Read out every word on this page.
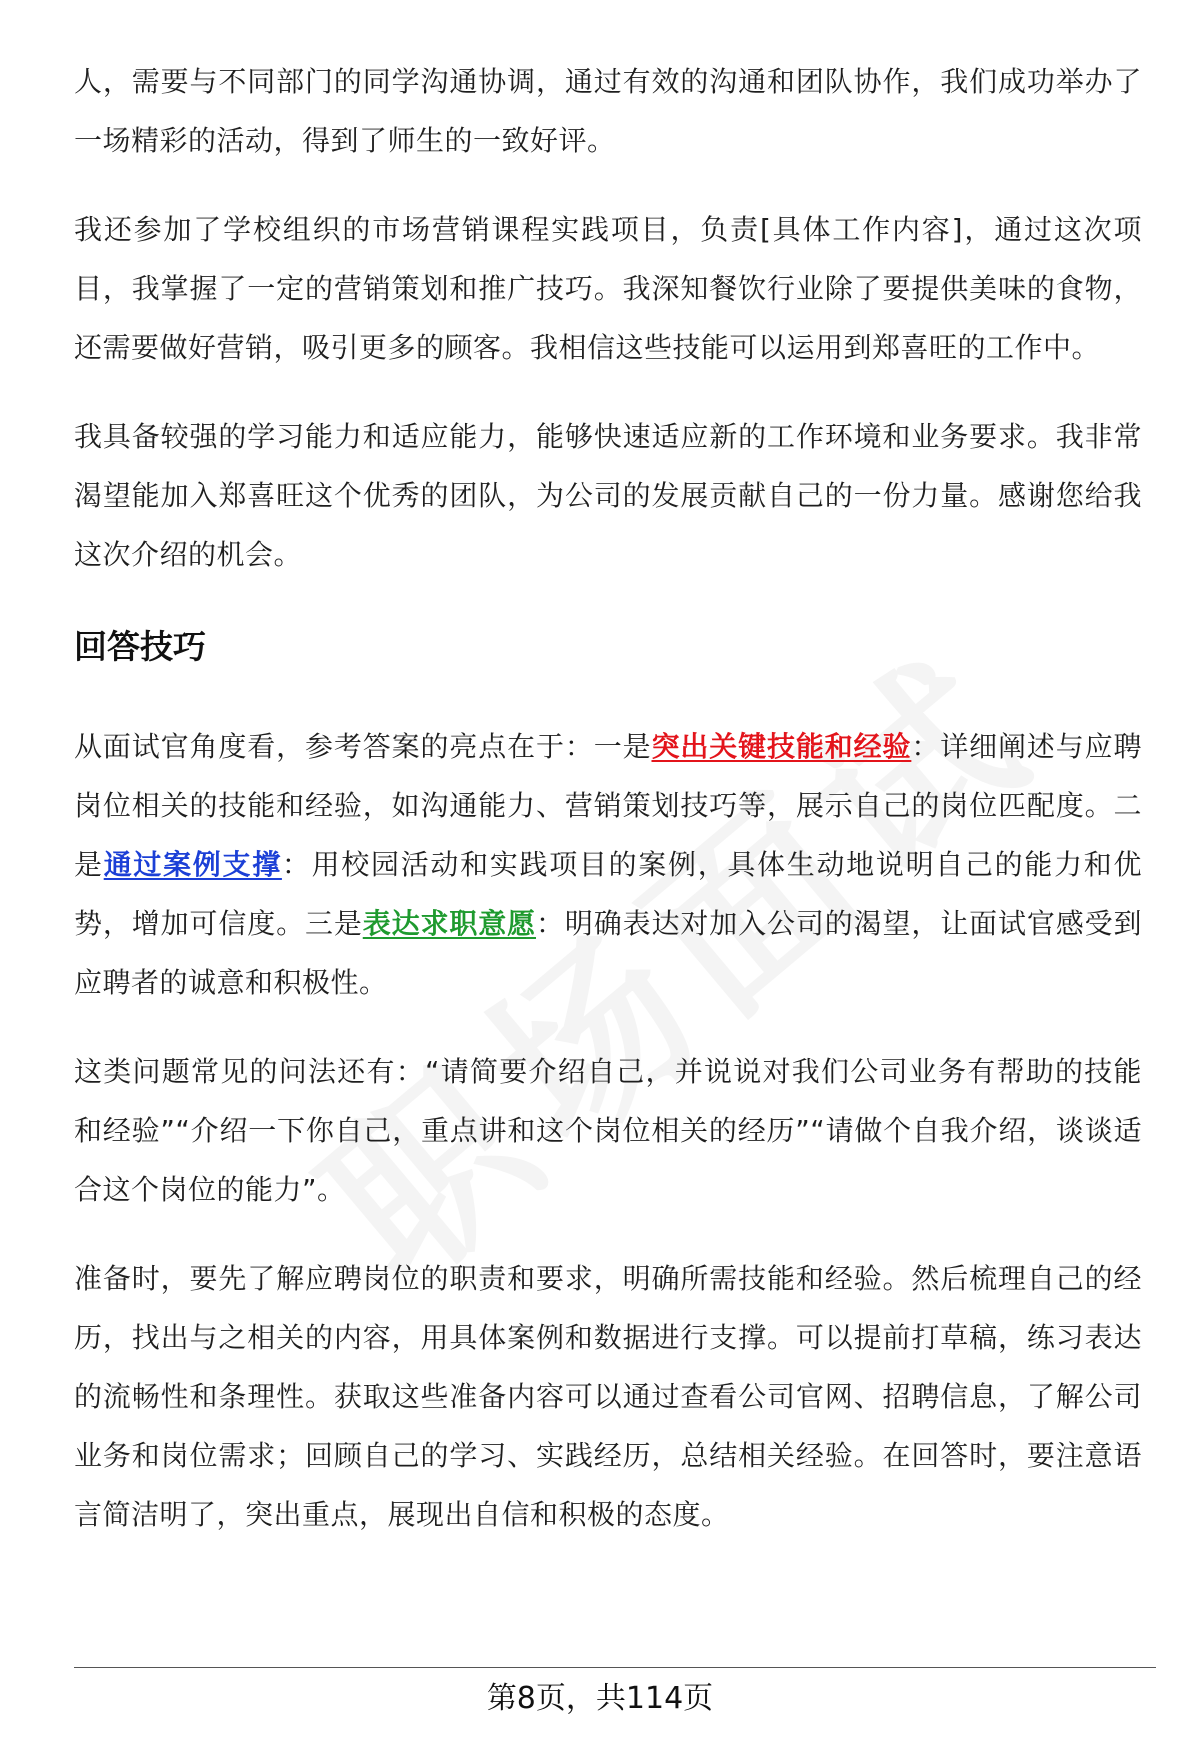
人，需要与不同部门的同学沟通协调，通过有效的沟通和团队协作，我们成功举办了一场精彩的活动，得到了师生的一致好评。

我还参加了学校组织的市场营销课程实践项目，负责[具体工作内容]，通过这次项目，我掌握了一定的营销策划和推广技巧。我深知餐饮行业除了要提供美味的食物，还需要做好营销，吸引更多的顾客。我相信这些技能可以运用到郑喜旺的工作中。

我具备较强的学习能力和适应能力，能够快速适应新的工作环境和业务要求。我非常渴望能加入郑喜旺这个优秀的团队，为公司的发展贡献自己的一份力量。感谢您给我这次介绍的机会。

回答技巧

从面试官角度看，参考答案的亮点在于：一是突出关键技能和经验：详细阐述与应聘岗位相关的技能和经验，如沟通能力、营销策划技巧等，展示自己的岗位匹配度。二是通过案例支撑：用校园活动和实践项目的案例，具体生动地说明自己的能力和优势，增加可信度。三是表达求职意愿：明确表达对加入公司的渴望，让面试官感受到应聘者的诚意和积极性。

这类问题常见的问法还有：“请简要介绍自己，并说说对我们公司业务有帮助的技能和经验”“介绍一下你自己，重点讲和这个岗位相关的经历”“请做个自我介绍，谈谈适合这个岗位的能力”。

准备时，要先了解应聘岗位的职责和要求，明确所需技能和经验。然后梳理自己的经历，找出与之相关的内容，用具体案例和数据进行支撑。可以提前打草稿，练习表达的流畅性和条理性。获取这些准备内容可以通过查看公司官网、招聘信息，了解公司业务和岗位需求；回顾自己的学习、实践经历，总结相关经验。在回答时，要注意语言简洁明了，突出重点，展现出自信和积极的态度。

第8页，共114页
